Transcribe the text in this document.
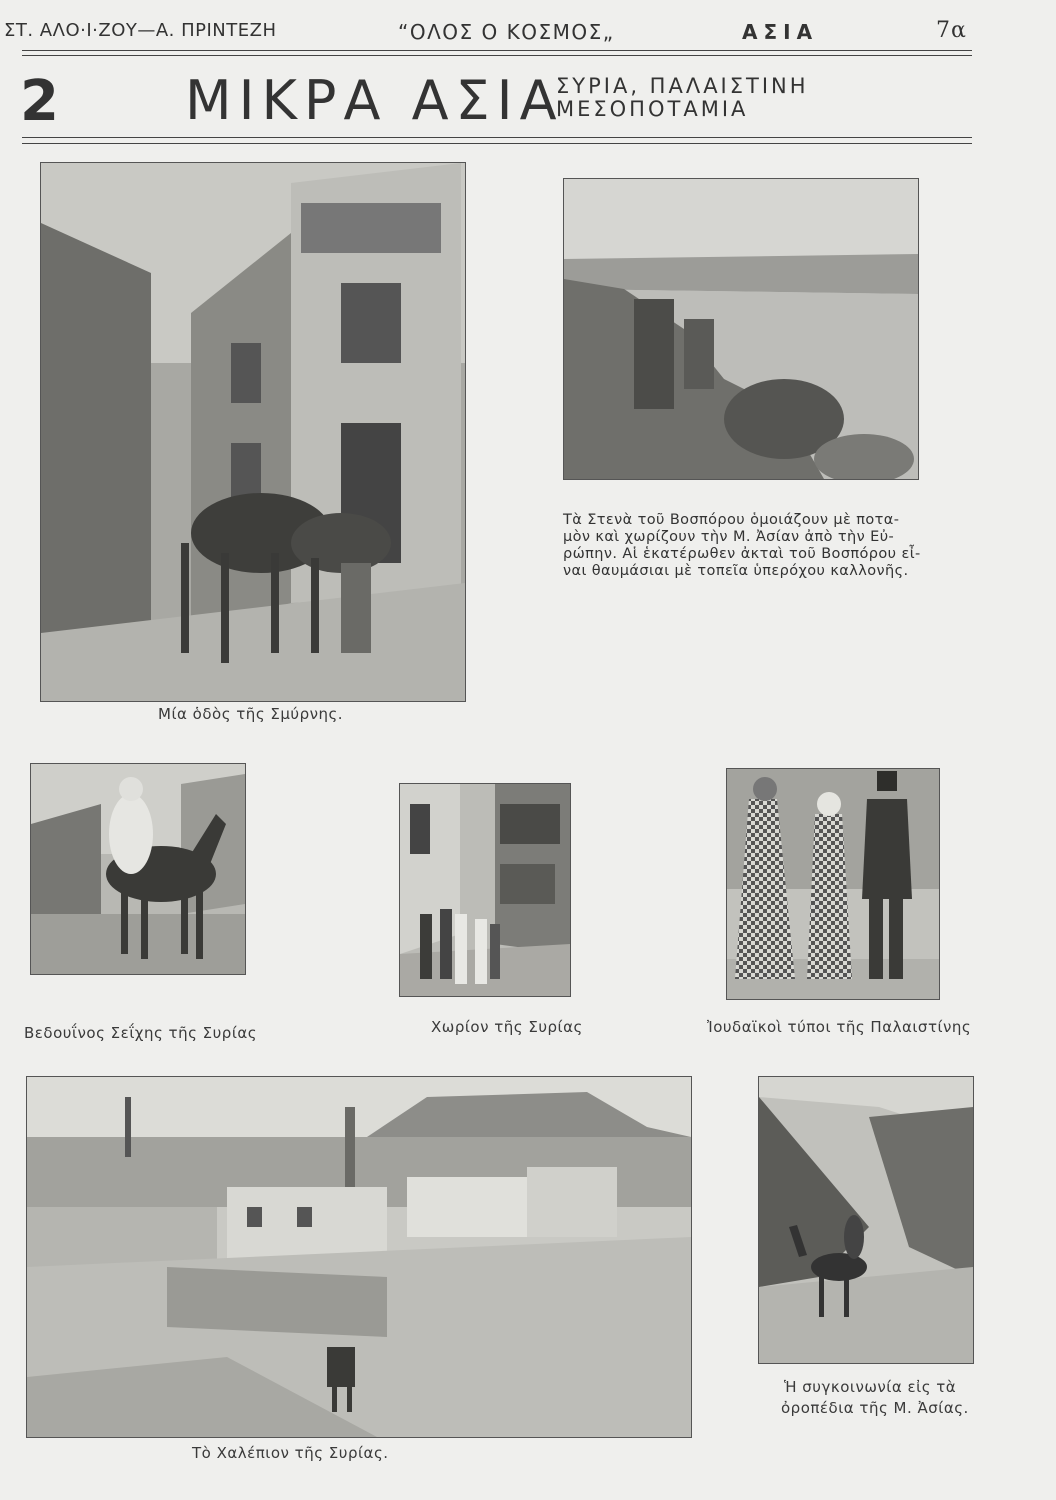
ΣΤ. ΑΛΟ·Ι·ΖΟΥ—Α. ΠΡΙΝΤΕΖΗ	“ΟΛΟΣ Ο ΚΟΣΜΟΣ„	ΑΣΙΑ	7α
2 ΜΙΚΡΑ ΑΣΙΑ
ΣΥΡΙΑ, ΠΑΛΑΙΣΤΙΝΗ
ΜΕΣΟΠΟΤΑΜΙΑ
Μία ὁδὸς τῆς Σμύρνης.
Τὰ Στενὰ τοῦ Βοσπόρου ὁμοιάζουν μὲ ποτα-
μὸν καὶ χωρίζουν τὴν Μ. Ἀσίαν ἀπὸ τὴν Εὐ-
ρώπην. Αἱ ἑκατέρωθεν ἀκταὶ τοῦ Βοσπόρου εἶ-
ναι θαυμάσιαι μὲ τοπεῖα ὑπερόχου καλλονῆς.
Βεδουΐνος Σεΐχης τῆς Συρίας	Χωρίον τῆς Συρίας	Ἰουδαϊκοὶ τύποι τῆς Παλαιστίνης
Τὸ Χαλέπιον τῆς Συρίας.
Ἡ συγκοινωνία εἰς τὰ
ὀροπέδια τῆς Μ. Ἀσίας.
